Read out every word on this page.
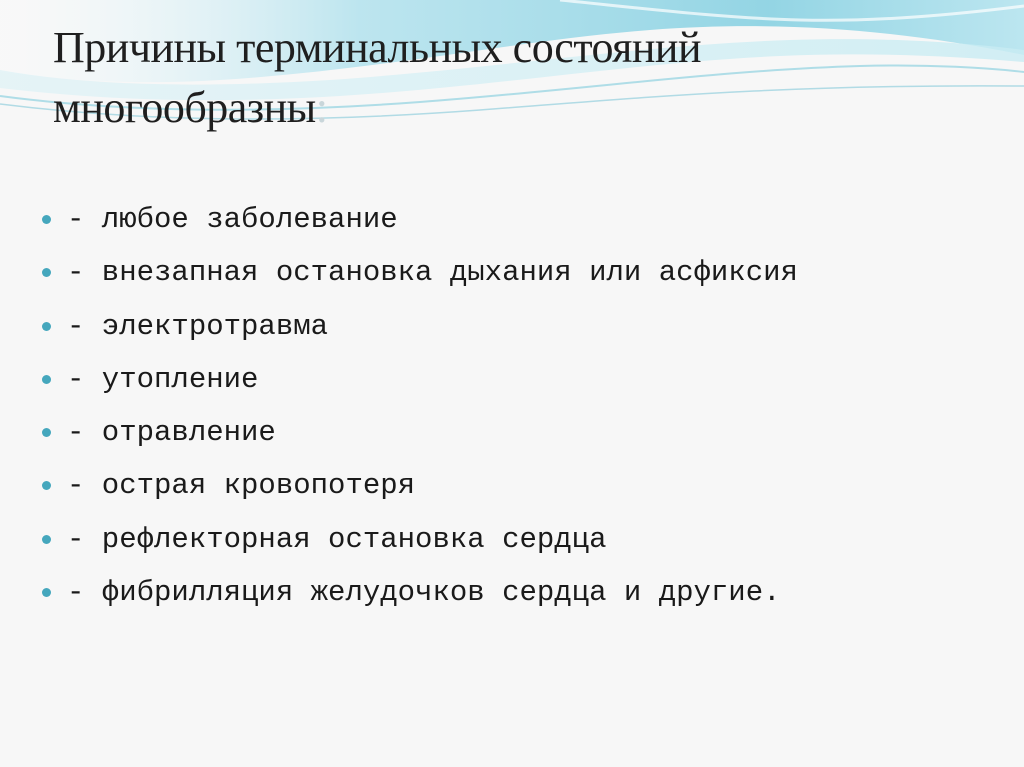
Причины терминальных состояний
многообразны:
- любое заболевание
- внезапная остановка дыхания или асфиксия
- электротравма
- утопление
- отравление
- острая кровопотеря
- рефлекторная остановка сердца
- фибрилляция желудочков сердца и другие.
